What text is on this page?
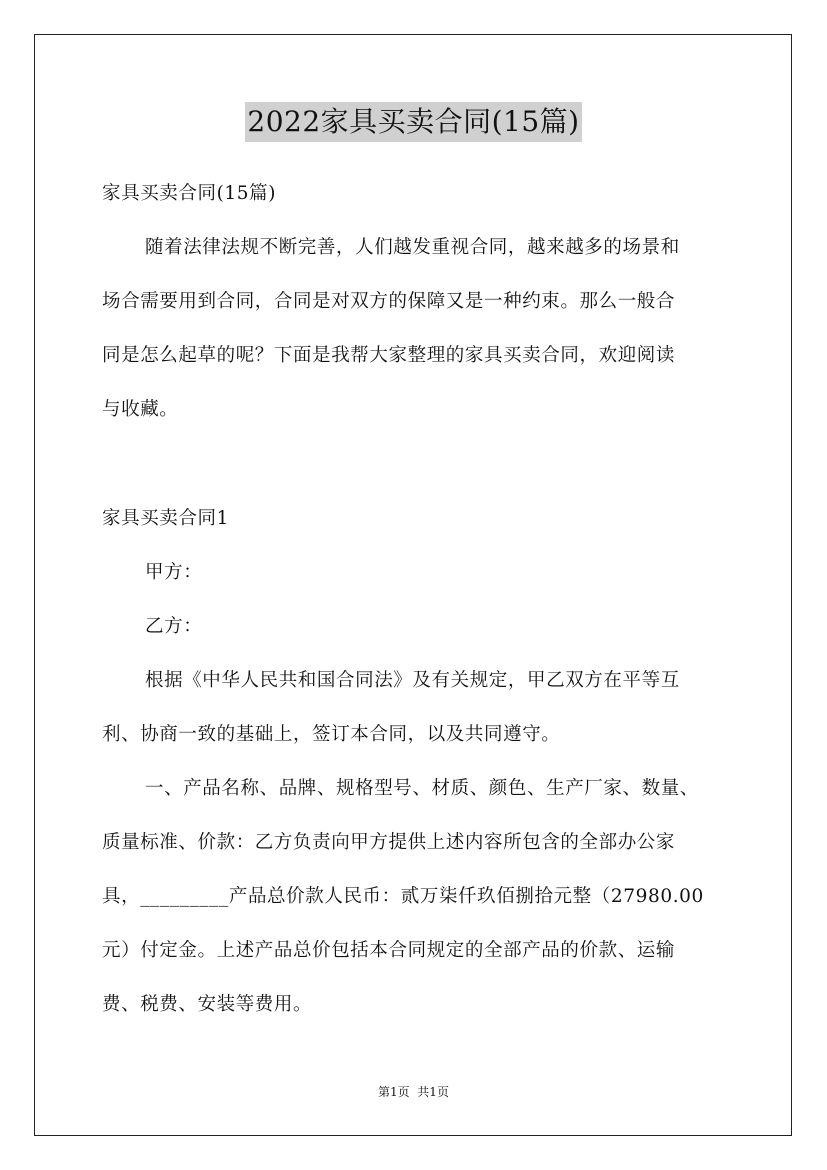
2022家具买卖合同(15篇)
家具买卖合同(15篇)
随着法律法规不断完善，人们越发重视合同，越来越多的场景和
场合需要用到合同，合同是对双方的保障又是一种约束。那么一般合
同是怎么起草的呢？下面是我帮大家整理的家具买卖合同，欢迎阅读
与收藏。
家具买卖合同1
甲方：
乙方：
根据《中华人民共和国合同法》及有关规定，甲乙双方在平等互
利、协商一致的基础上，签订本合同，以及共同遵守。
一、产品名称、品牌、规格型号、材质、颜色、生产厂家、数量、
质量标准、价款：乙方负责向甲方提供上述内容所包含的全部办公家
具，_________产品总价款人民币：贰万柒仟玖佰捌拾元整（27980.00
元）付定金。上述产品总价包括本合同规定的全部产品的价款、运输
费、税费、安装等费用。
第1页  共1页
